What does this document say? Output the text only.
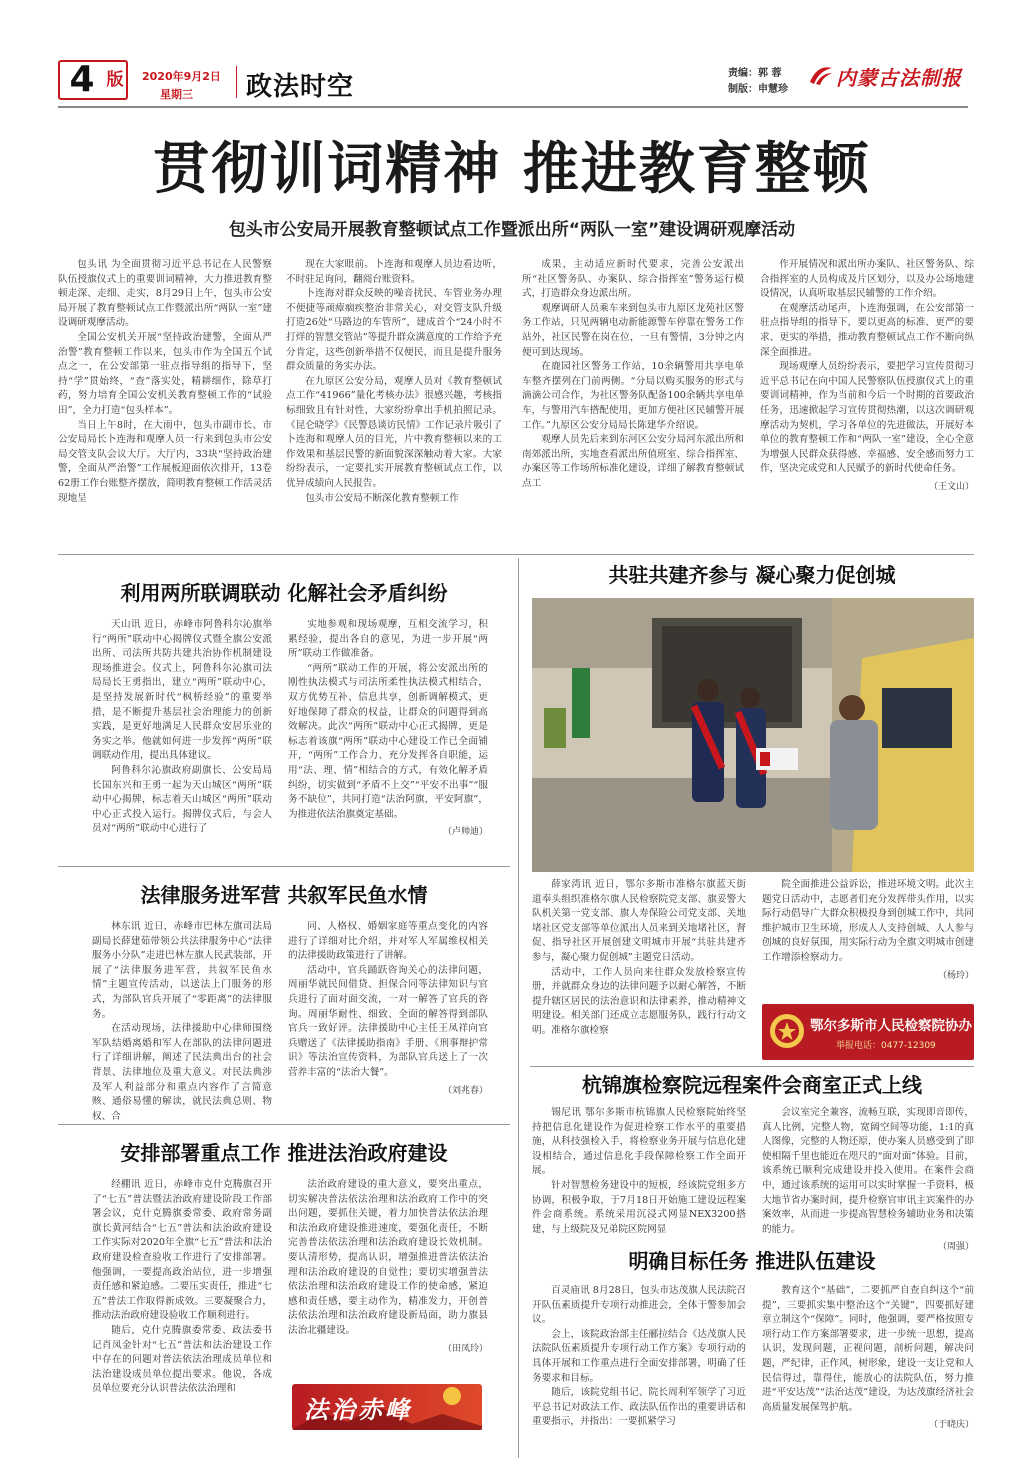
4 版 2020年9月2日
星期三 政法时空	责编：郭 蓉
制版：申慧珍 内蒙古法制报
贯彻训词精神 推进教育整顿
包头市公安局开展教育整顿试点工作暨派出所“两队一室”建设调研观摩活动
包头讯 为全面贯彻习近平总书记在人民警察队伍授旗仪式上的重要训词精神，大力推进教育整顿走深、走细、走实，8月29日上午，包头市公安局开展了教育整顿试点工作暨派出所“两队一室”建设调研观摩活动。
全国公安机关开展“坚持政治建警，全面从严治警”教育整顿工作以来，包头市作为全国五个试点之一，在公安部第一驻点指导组的指导下，坚持“学”贯始终，“查”落实处，精耕细作，除草打药，努力培育全国公安机关教育整顿工作的“试验田”，全力打造“包头样本”。
当日上午8时，在大雨中，包头市副市长、市公安局局长卜连海和观摩人员一行来到包头市公安局交管支队会议大厅。大厅内，33块“坚持政治建警，全面从严治警”工作展板迎面依次排开，13卷62册工作台账整齐摆放，简明教育整顿工作活灵活现地呈
现在大家眼前。卜连海和观摩人员边看边听，不时驻足询问，翻阅台账资料。
卜连海对群众反映的噪音扰民、车管业务办理不便捷等顽瘴痼疾整治非常关心，对交管支队升级打造26处“马路边的车管所”，建成首个“24小时不打烊的智慧交管站”等提升群众满意度的工作给予充分肯定，这些创新举措不仅便民，而且是提升服务群众质量的务实办法。
在九原区公安分局，观摩人员对《教育整顿试点工作“41966”量化考核办法》很感兴趣，考核指标细致且有针对性，大家纷纷拿出手机拍照记录。《昆仑晓学》《民警恳谈访民情》工作记录片吸引了卜连海和观摩人员的目光，片中教育整顿以来的工作效果和基层民警的新面貌深深触动着大家。大家纷纷表示，一定要扎实开展教育整顿试点工作，以优异成绩向人民报告。
包头市公安局不断深化教育整顿工作
成果，主动适应新时代要求，完善公安派出所“社区警务队、办案队、综合指挥室”警务运行模式，打造群众身边派出所。
观摩调研人员乘车来到包头市九原区龙苑社区警务工作站，只见两辆电动新能源警车停靠在警务工作站外，社区民警在岗在位，一旦有警情，3分钟之内便可到达现场。
在鹿园社区警务工作站，10余辆警用共享电单车整齐摆列在门前两侧。“分局以购买服务的形式与滴滴公司合作，为社区警务队配备100余辆共享电单车，与警用汽车搭配使用，更加方便社区民辅警开展工作。”九原区公安分局局长陈建华介绍说。
观摩人员先后来到东河区公安分局河东派出所和南郊派出所，实地查看派出所值班室、综合指挥室、办案区等工作场所标准化建设，详细了解教育整顿试点工
作开展情况和派出所办案队、社区警务队、综合指挥室的人员构成及片区划分，以及办公场地建设情况，认真听取基层民辅警的工作介绍。
在观摩活动尾声，卜连海强调，在公安部第一驻点指导组的指导下，要以更高的标准、更严的要求、更实的举措，推动教育整顿试点工作不断向纵深全面推进。
现场观摩人员纷纷表示，要把学习宣传贯彻习近平总书记在向中国人民警察队伍授旗仪式上的重要训词精神，作为当前和今后一个时期的首要政治任务，迅速掀起学习宣传贯彻热潮，以这次调研观摩活动为契机，学习各单位的先进做法，开展好本单位的教育整顿工作和“两队一室”建设，全心全意为增强人民群众获得感、幸福感、安全感而努力工作，坚决完成党和人民赋予的新时代使命任务。
（王文山）
利用两所联调联动 化解社会矛盾纠纷
天山讯 近日，赤峰市阿鲁科尔沁旗举行“两所”联动中心揭牌仪式暨全旗公安派出所、司法所共防共建共治协作机制建设现场推进会。仪式上，阿鲁科尔沁旗司法局局长王勇指出，建立“两所”联动中心，是坚持发展新时代“枫桥经验”的重要举措，是不断提升基层社会治理能力的创新实践，是更好地满足人民群众安居乐业的务实之举。他就如何进一步发挥“两所”联调联动作用，提出具体建议。
阿鲁科尔沁旗政府副旗长、公安局局长国东兴和王勇一起为天山城区“两所”联动中心揭牌，标志着天山城区“两所”联动中心正式投入运行。揭牌仪式后，与会人员对“两所”联动中心进行了
实地参观和现场观摩，互相交流学习，积累经验，提出各自的意见，为进一步开展“两所”联动工作做准备。
“两所”联动工作的开展，将公安派出所的刚性执法模式与司法所柔性执法模式相结合，双方优势互补、信息共享，创新调解模式，更好地保障了群众的权益，让群众的问题得到高效解决。此次“两所”联动中心正式揭牌，更是标志着该旗“两所”联动中心建设工作已全面铺开，“两所”工作合力、充分发挥各自职能，运用“法、理、情”相结合的方式，有效化解矛盾纠纷，切实做到“矛盾不上交”“平安不出事”“服务不缺位”，共同打造“法治阿旗，平安阿旗”，为推进依法治旗奠定基础。
（卢帅迪）
法律服务进军营 共叙军民鱼水情
林东讯 近日，赤峰市巴林左旗司法局副局长薛建茹带领公共法律服务中心“法律服务小分队”走进巴林左旗人民武装部，开展了“法律服务进军营，共叙军民鱼水情”主题宣传活动，以送法上门服务的形式，为部队官兵开展了“零距离”的法律服务。
在活动现场，法律援助中心律师围绕军队结婚离婚和军人在部队的法律问题进行了详细讲解，阐述了民法典出台的社会背景、法律地位及重大意义。对民法典涉及军人利益部分和重点内容作了言简意赅、通俗易懂的解读，就民法典总则、物权、合
同、人格权、婚姻家庭等重点变化的内容进行了详细对比介绍，并对军人军属维权相关的法律援助政策进行了讲解。
活动中，官兵踊跃咨询关心的法律问题，周丽华就民间借贷、担保合同等法律知识与官兵进行了面对面交流，一对一解答了官兵的咨询。周丽华耐性、细致、全面的解答得到部队官兵一致好评。法律援助中心主任王凤祥向官兵赠送了《法律援助指南》手册、《刑事辩护常识》等法治宣传资料，为部队官兵送上了一次营养丰富的“法治大餐”。
（刘兆春）
安排部署重点工作 推进法治政府建设
经棚讯 近日，赤峰市克什克腾旗召开了“七五”普法暨法治政府建设阶段工作部署会议，克什克腾旗委常委、政府常务副旗长黄河结合“七五”普法和法治政府建设工作实际对2020年全旗“七五”普法和法治政府建设检查验收工作进行了安排部署。他强调，一要提高政治站位，进一步增强责任感和紧迫感。二要压实责任，推进“七五”普法工作取得新成效。三要凝聚合力，推动法治政府建设验收工作顺利进行。
随后，克什克腾旗委常委、政法委书记肖凤金针对“七五”普法和法治建设工作中存在的问题对普法依法治理成员单位和法治建设成员单位提出要求。他说，各成员单位要充分认识普法依法治理和
法治政府建设的重大意义，要突出重点，切实解决普法依法治理和法治政府工作中的突出问题，要抓住关键，着力加快普法依法治理和法治政府建设推进速度，要强化责任，不断完善普法依法治理和法治政府建设长效机制。要认清形势，提高认识，增强推进普法依法治理和法治政府建设的自觉性；要切实增强普法依法治理和法治政府建设工作的使命感，紧迫感和责任感，要主动作为，精准发力，开创普法依法治理和法治政府建设新局面，助力旗县法治北疆建设。
（田凤玲）
法治赤峰
共驻共建齐参与 凝心聚力促创城
薛家湾讯 近日，鄂尔多斯市准格尔旗蓝天街道奉头组织准格尔旗人民检察院党支部、旗妥警大队机关第一党支部、旗人寿保险公司党支部、关地堵社区党支部等单位派出人员来到关地堵社区，督促、指导社区开展创建文明城市开展“共驻共建齐参与，凝心聚力促创城”主题党日活动。
活动中，工作人员向来往群众发放检察宣传册，并就群众身边的法律问题予以耐心解答，不断提升辖区居民的法治意识和法律素养，推动精神文明建设。相关部门还成立志愿服务队，践行行动文明。准格尔旗检察
院全面推进公益诉讼，推进环境文明。此次主题党日活动中，志愿者们充分发挥带头作用，以实际行动倡导广大群众积极投身到创城工作中，共同维护城市卫生环境，形成人人支持创城、人人参与创城的良好氛围，用实际行动为全旗文明城市创建工作增添检察动力。
（杨玲）
鄂尔多斯市人民检察院协办
举报电话：0477-12309
杭锦旗检察院远程案件会商室正式上线
锡尼讯 鄂尔多斯市杭锦旗人民检察院始终坚持把信息化建设作为促进检察工作水平的重要措施，从科技强检入手，将检察业务开展与信息化建设相结合，通过信息化手段保障检察工作全面开展。
针对智慧检务建设中的短板，经该院党组多方协调，积极争取，于7月18日开始施工建设远程案件会商系统。系统采用沉浸式网显NEX3200搭建，与上级院及兄弟院区院网显
会议室完全兼容，流畅互联，实现即音即传，真人比例，完整人物，宽阔空间等功能，1:1的真人图像，完整的人物还原，使办案人员感受到了即使相隔千里也能近在咫尺的“面对面”体验。目前，该系统已顺利完成建设并投入使用。在案件会商中，通过该系统的运用可以实时掌握一手资料，极大地节省办案时间，提升检察官审讯主宾案件的办案效率，从而进一步提高智慧检务辅助业务和决策的能力。
（周强）
明确目标任务 推进队伍建设
百灵庙讯 8月28日，包头市达茂旗人民法院召开队伍素质提升专项行动推进会，全体干警参加会议。
会上，该院政治部主任郦拉结合《达茂旗人民法院队伍素质提升专项行动工作方案》专项行动的具体开展和工作重点进行全面安排部署，明确了任务要求和目标。
随后，该院党组书记、院长周利军领学了习近平总书记对政法工作、政法队伍作出的重要讲话和重要指示，并指出：一要抓紧学习
教育这个“基础”，二要抓严自查自纠这个“前提”，三要抓实集中整治这个“关键”，四要抓好建章立制这个“保障”。同时，他强调，要严格按照专项行动工作方案部署要求，进一步统一思想，提高认识，发现问题，正视问题，剖析问题，解决问题，严纪律，正作风，树形象，建设一支让党和人民信得过，靠得住，能放心的法院队伍，努力推进“平安达茂”“法治达茂”建设，为达茂旗经济社会高质量发展保驾护航。
（于晓庆）
